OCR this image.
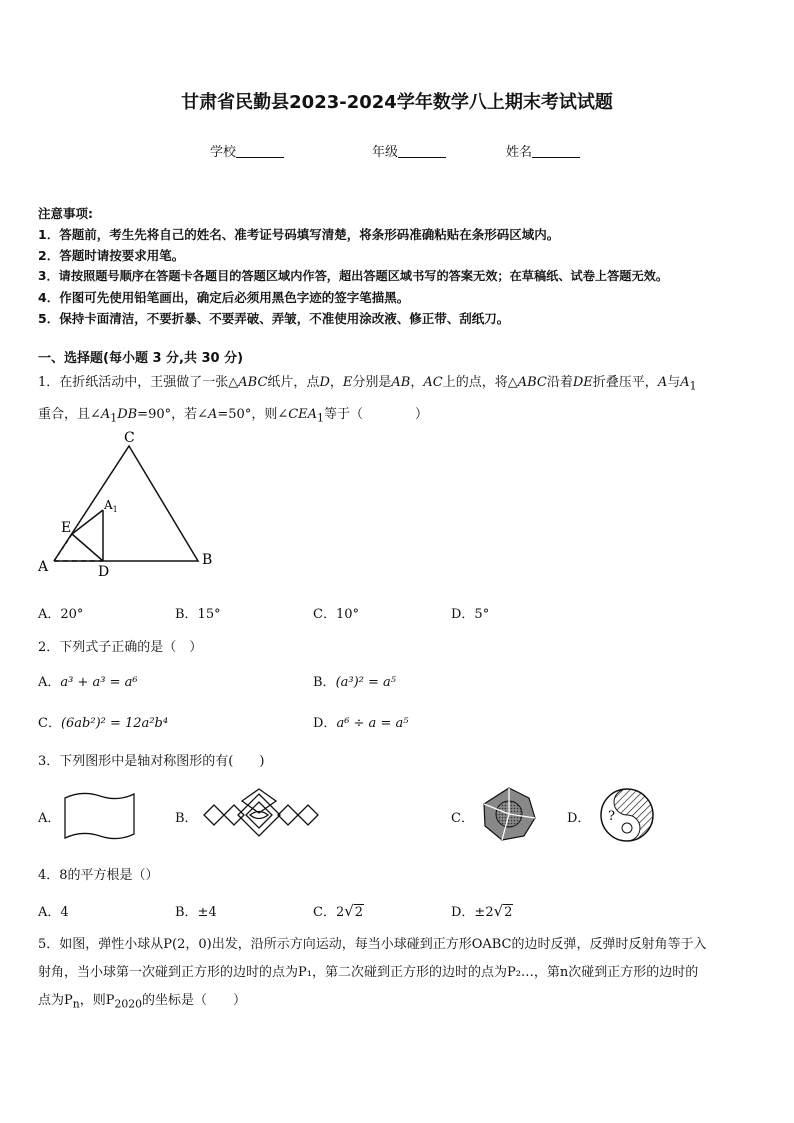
甘肃省民勤县2023-2024学年数学八上期末考试试题
学校	年级	姓名
注意事项:
1．答题前，考生先将自己的姓名、准考证号码填写清楚，将条形码准确粘贴在条形码区域内。
2．答题时请按要求用笔。
3．请按照题号顺序在答题卡各题目的答题区域内作答，超出答题区域书写的答案无效；在草稿纸、试卷上答题无效。
4．作图可先使用铅笔画出，确定后必须用黑色字迹的签字笔描黑。
5．保持卡面清洁，不要折暴、不要弄破、弄皱，不准使用涂改液、修正带、刮纸刀。
一、选择题(每小题 3 分,共 30 分)
1．在折纸活动中，王强做了一张△ABC纸片，点D，E分别是AB，AC上的点，将△ABC沿着DE折叠压平，A与$A_1$
重合，且$\angle A_1DB=90^\circ$，若∠A=50°，则$\angle CEA_1$等于（　　　　）
C
$A_1$
E
A	D
B
A．20°	B．15°	C．10°	D．5°
2．下列式子正确的是（　）
A．a³ + a³ = a⁶	B．(a³)² = a⁵
C．(6ab²)² = 12a²b⁴	D．a⁶ ÷ a = a⁵
3．下列图形中是轴对称图形的有(　　)
A．	B．	C．	D． ?
4．8的平方根是（）
A．4	B．±4	C．2√2	D．±2√2
5．如图，弹性小球从P(2，0)出发，沿所示方向运动，每当小球碰到正方形OABC的边时反弹，反弹时反射角等于入
射角，当小球第一次碰到正方形的边时的点为P₁，第二次碰到正方形的边时的点为P₂…，第n次碰到正方形的边时的
点为$P_n$，则$P_{2020}$的坐标是（　　）
